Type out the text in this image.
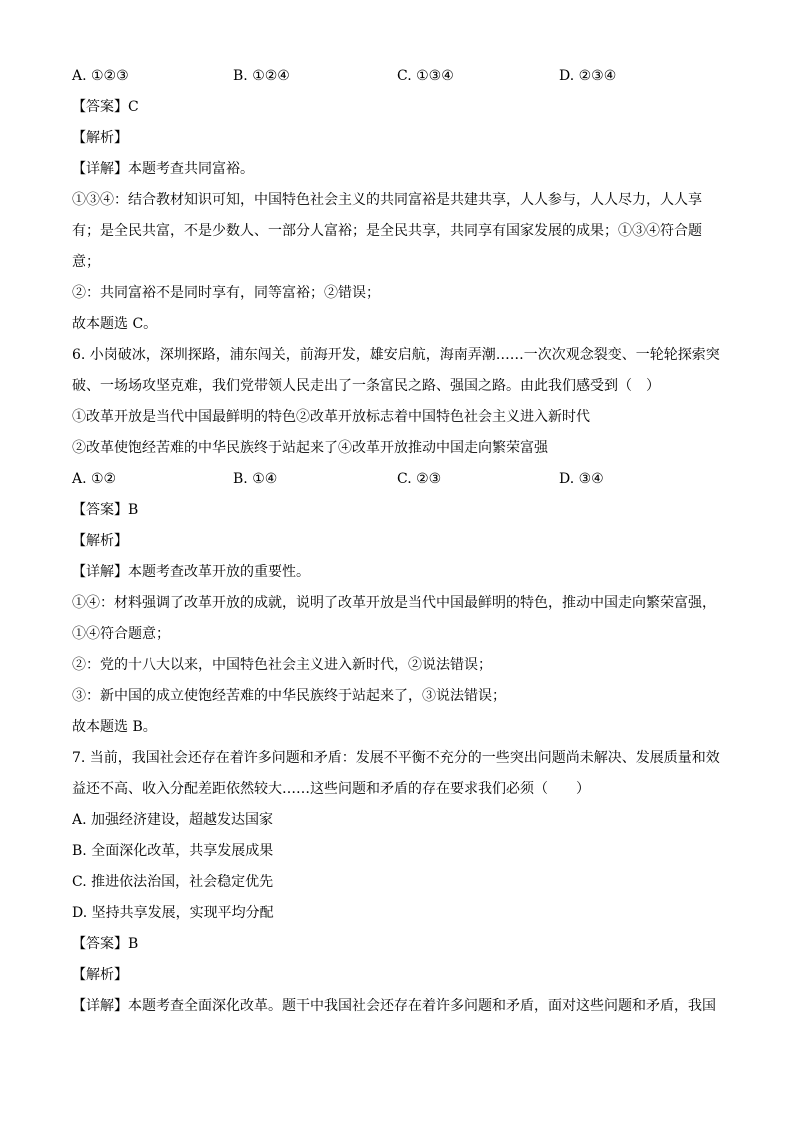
A. ①②③	B. ①②④	C. ①③④	D. ②③④
【答案】C
【解析】
【详解】本题考查共同富裕。
①③④：结合教材知识可知，中国特色社会主义的共同富裕是共建共享，人人参与，人人尽力，人人享
有；是全民共富，不是少数人、一部分人富裕；是全民共享，共同享有国家发展的成果；①③④符合题
意；
②：共同富裕不是同时享有，同等富裕；②错误；
故本题选 C。
6. 小岗破冰，深圳探路，浦东闯关，前海开发，雄安启航，海南弄潮……一次次观念裂变、一轮轮探索突
破、一场场攻坚克难，我们党带领人民走出了一条富民之路、强国之路。由此我们感受到（　）
①改革开放是当代中国最鲜明的特色②改革开放标志着中国特色社会主义进入新时代
②改革使饱经苦难的中华民族终于站起来了④改革开放推动中国走向繁荣富强
A. ①②	B. ①④	C. ②③	D. ③④
【答案】B
【解析】
【详解】本题考查改革开放的重要性。
①④：材料强调了改革开放的成就，说明了改革开放是当代中国最鲜明的特色，推动中国走向繁荣富强，
①④符合题意；
②：党的十八大以来，中国特色社会主义进入新时代，②说法错误；
③：新中国的成立使饱经苦难的中华民族终于站起来了，③说法错误；
故本题选 B。
7. 当前，我国社会还存在着许多问题和矛盾：发展不平衡不充分的一些突出问题尚未解决、发展质量和效
益还不高、收入分配差距依然较大……这些问题和矛盾的存在要求我们必须（　　）
A. 加强经济建设，超越发达国家
B. 全面深化改革，共享发展成果
C. 推进依法治国，社会稳定优先
D. 坚持共享发展，实现平均分配
【答案】B
【解析】
【详解】本题考查全面深化改革。题干中我国社会还存在着许多问题和矛盾，面对这些问题和矛盾，我国
